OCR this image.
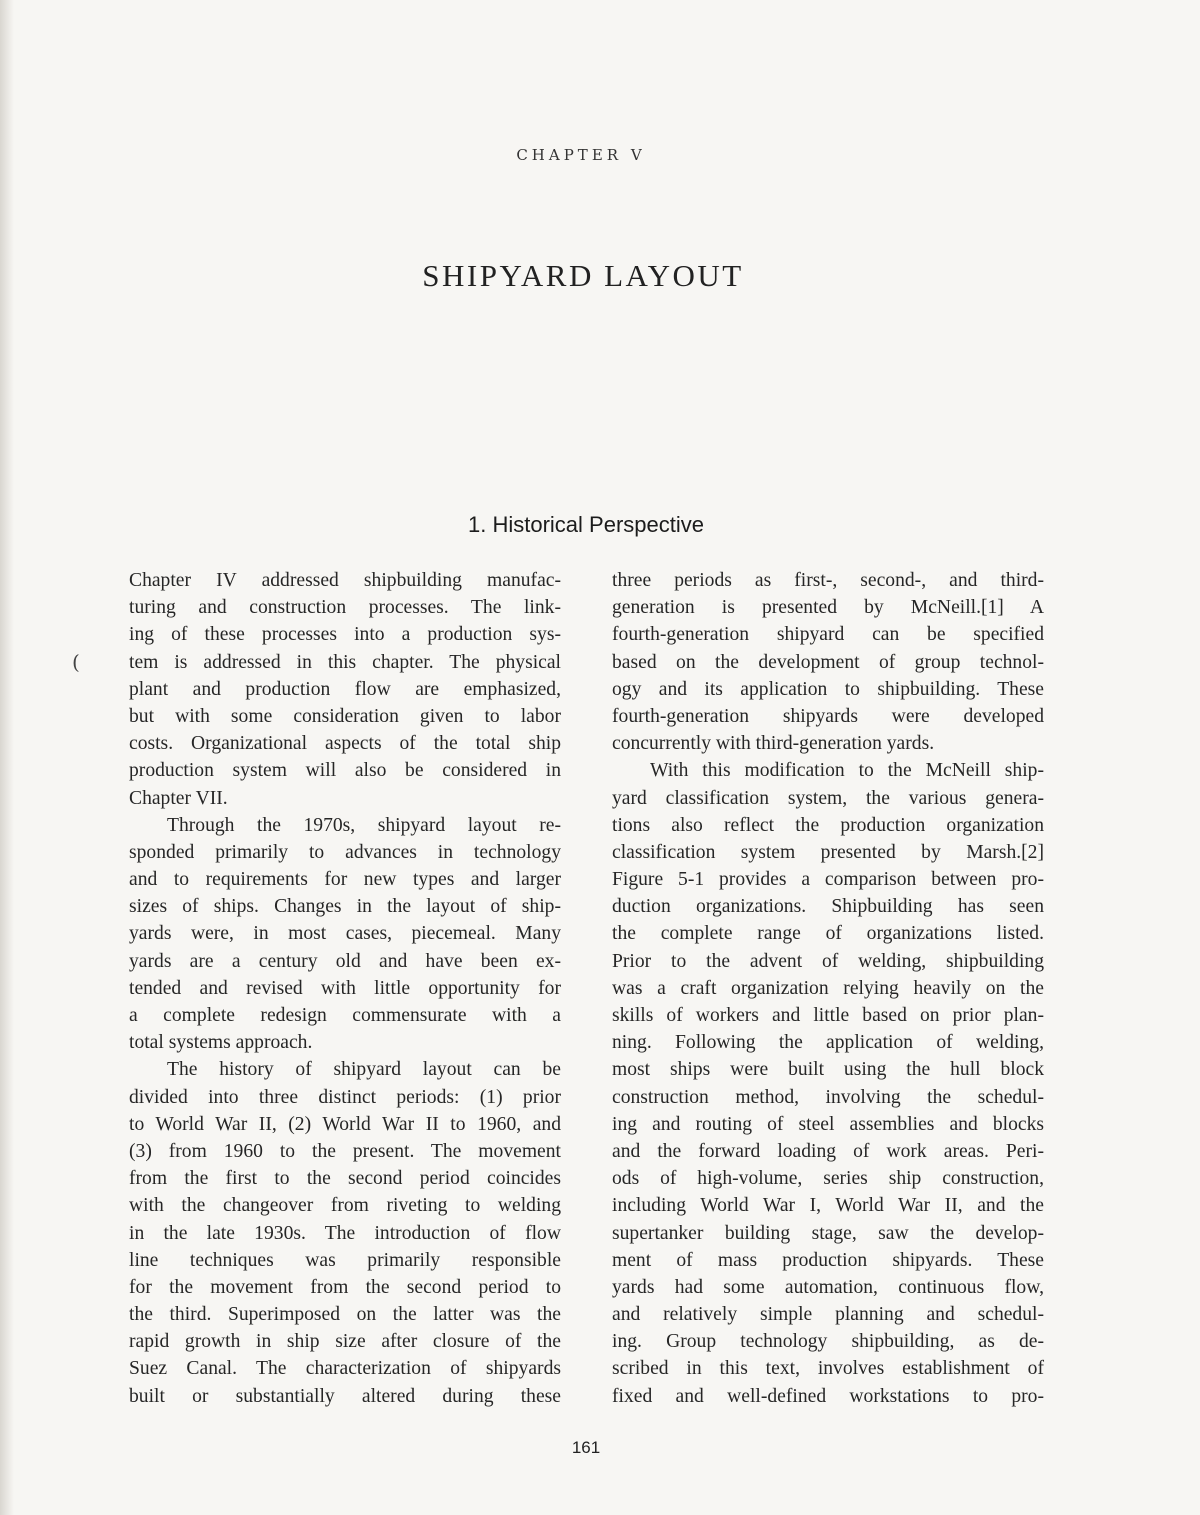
CHAPTER V
SHIPYARD LAYOUT
1. Historical Perspective
(
Chapter IV addressed shipbuilding manufac-
turing and construction processes. The link-
ing of these processes into a production sys-
tem is addressed in this chapter. The physical
plant and production flow are emphasized,
but with some consideration given to labor
costs. Organizational aspects of the total ship
production system will also be considered in
Chapter VII.
Through the 1970s, shipyard layout re-
sponded primarily to advances in technology
and to requirements for new types and larger
sizes of ships. Changes in the layout of ship-
yards were, in most cases, piecemeal. Many
yards are a century old and have been ex-
tended and revised with little opportunity for
a complete redesign commensurate with a
total systems approach.
The history of shipyard layout can be
divided into three distinct periods: (1) prior
to World War II, (2) World War II to 1960, and
(3) from 1960 to the present. The movement
from the first to the second period coincides
with the changeover from riveting to welding
in the late 1930s. The introduction of flow
line techniques was primarily responsible
for the movement from the second period to
the third. Superimposed on the latter was the
rapid growth in ship size after closure of the
Suez Canal. The characterization of shipyards
built or substantially altered during these
three periods as first-, second-, and third-
generation is presented by McNeill.[1] A
fourth-generation shipyard can be specified
based on the development of group technol-
ogy and its application to shipbuilding. These
fourth-generation shipyards were developed
concurrently with third-generation yards.
With this modification to the McNeill ship-
yard classification system, the various genera-
tions also reflect the production organization
classification system presented by Marsh.[2]
Figure 5-1 provides a comparison between pro-
duction organizations. Shipbuilding has seen
the complete range of organizations listed.
Prior to the advent of welding, shipbuilding
was a craft organization relying heavily on the
skills of workers and little based on prior plan-
ning. Following the application of welding,
most ships were built using the hull block
construction method, involving the schedul-
ing and routing of steel assemblies and blocks
and the forward loading of work areas. Peri-
ods of high-volume, series ship construction,
including World War I, World War II, and the
supertanker building stage, saw the develop-
ment of mass production shipyards. These
yards had some automation, continuous flow,
and relatively simple planning and schedul-
ing. Group technology shipbuilding, as de-
scribed in this text, involves establishment of
fixed and well-defined workstations to pro-
161
